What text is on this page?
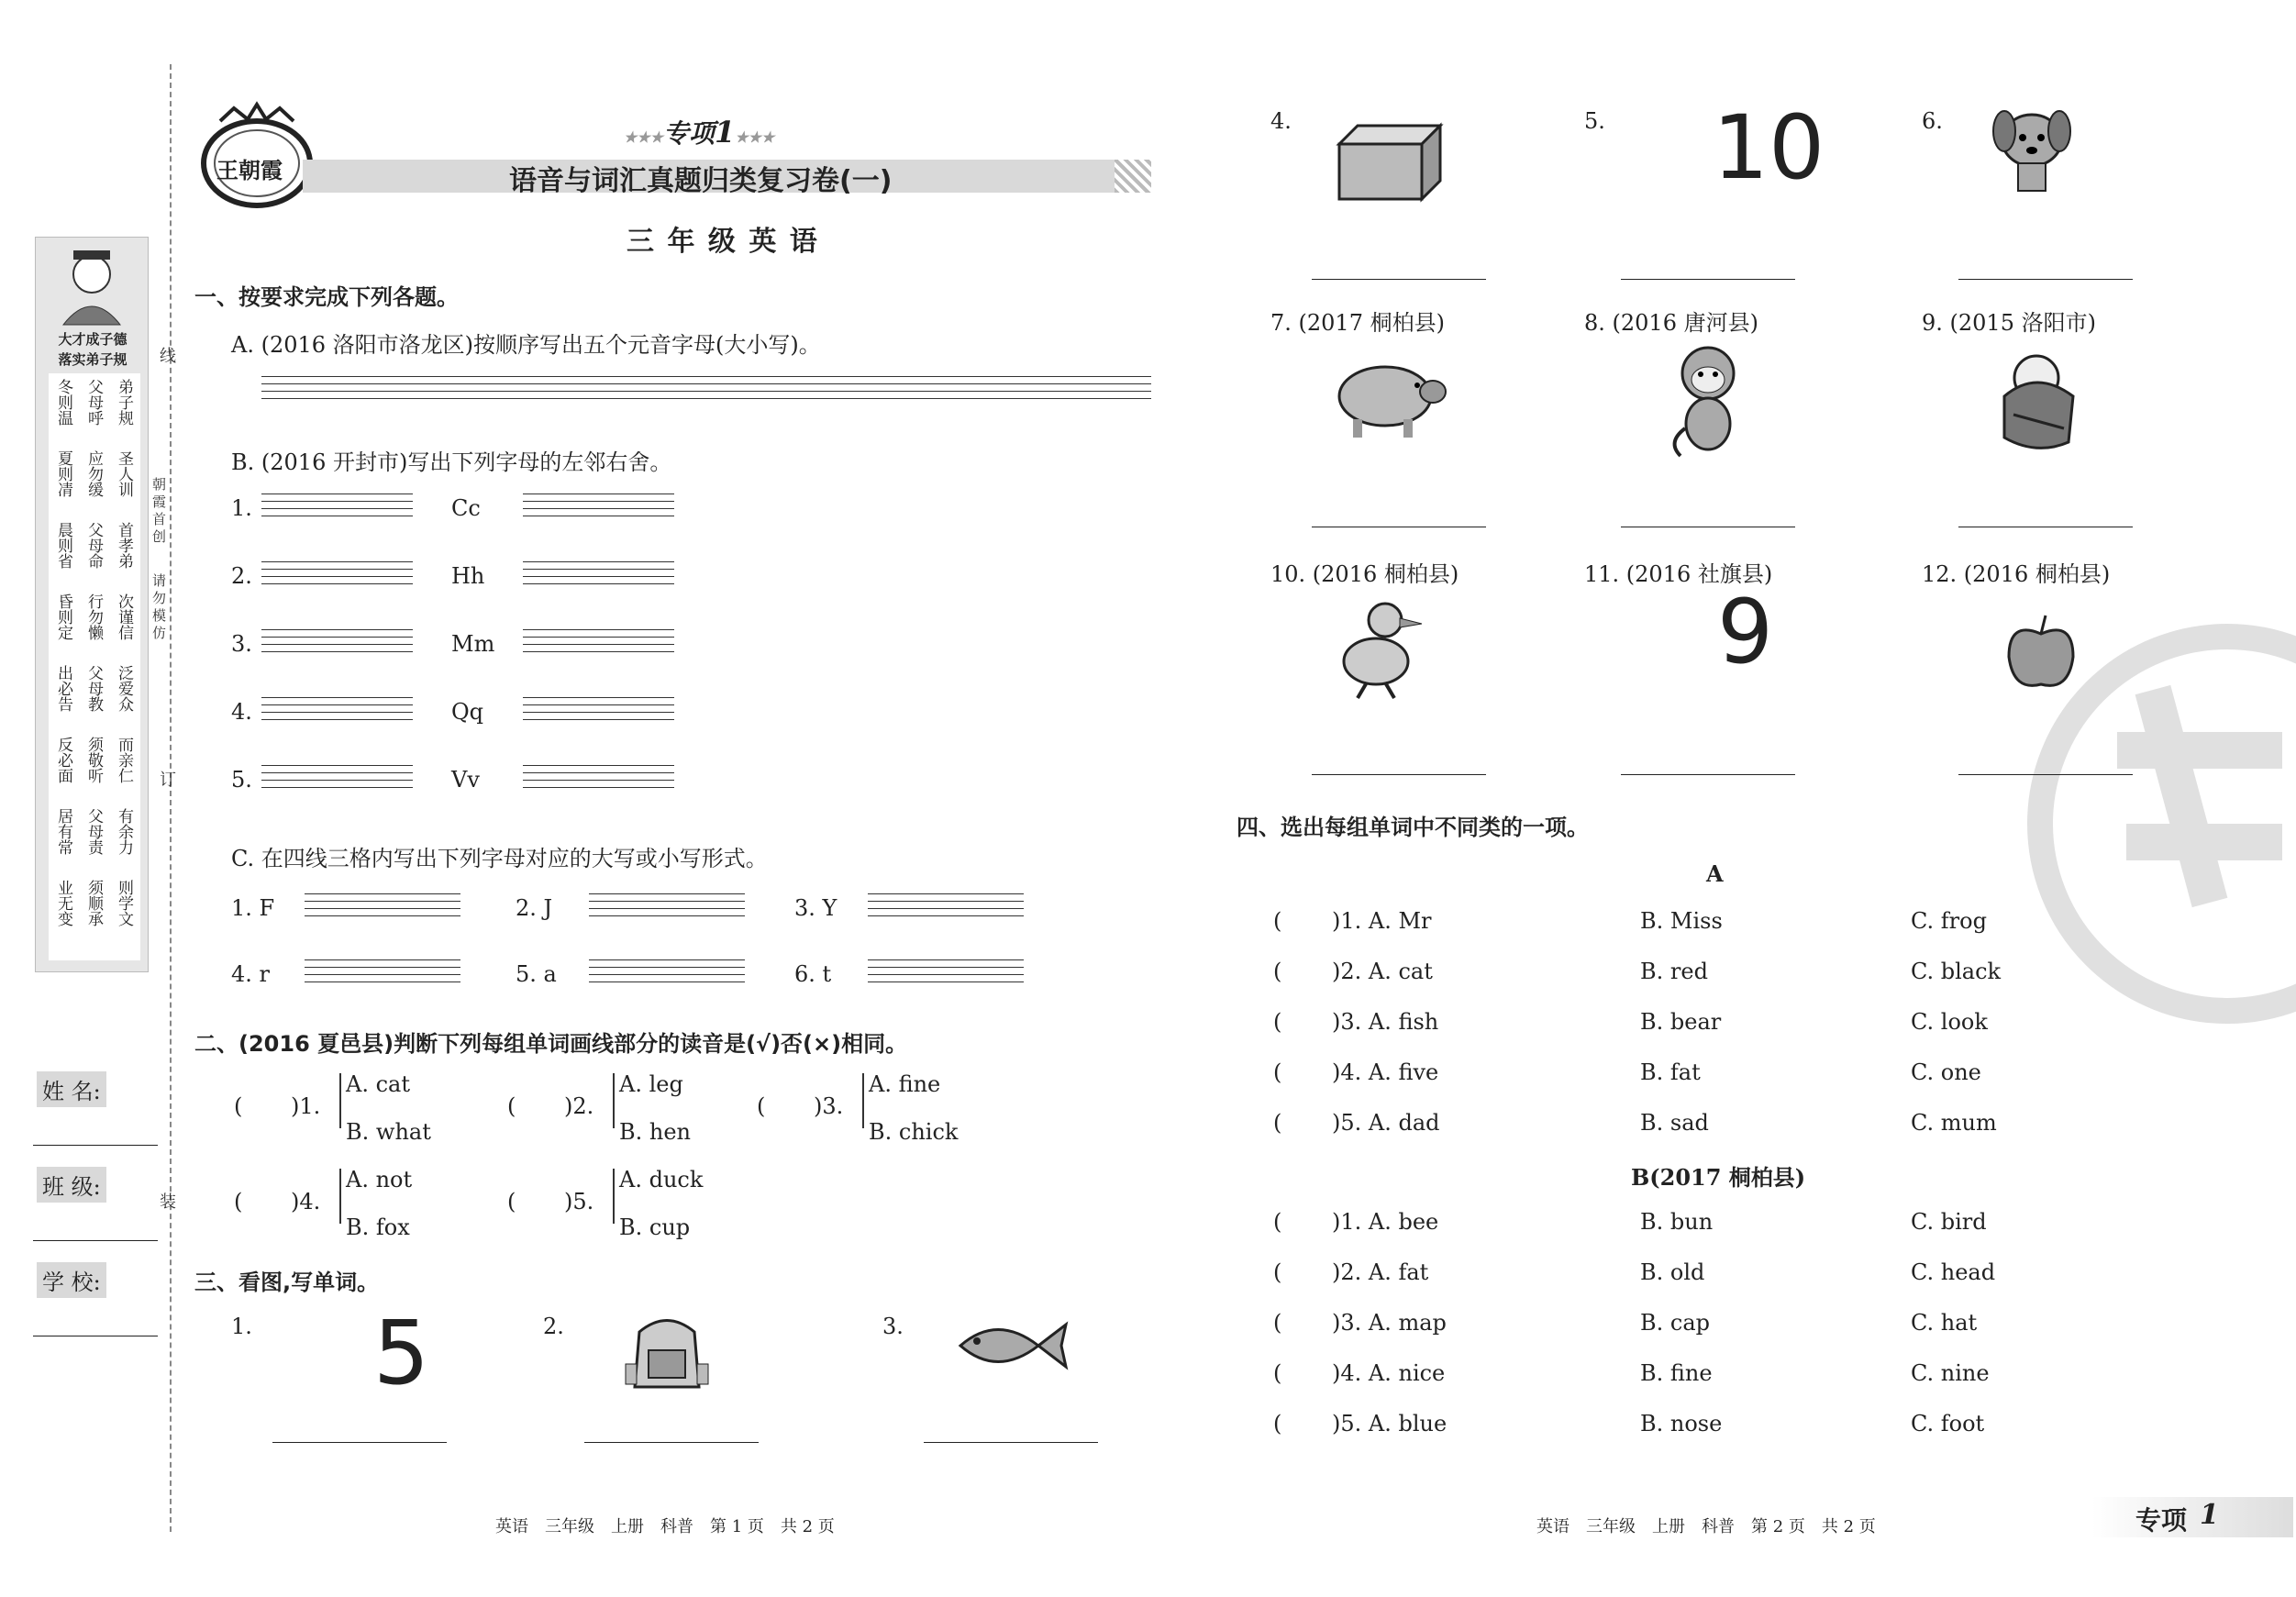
大才成子德
落实弟子规
冬则温
夏则凊
晨则省
昏则定
出必告
反必面
居有常
业无变
父母呼
应勿缓
父母命
行勿懒
父母教
须敬听
父母责
须顺承
弟子规
圣人训
首孝弟
次谨信
泛爱众
而亲仁
有余力
则学文
线
订
装
朝霞首创
请勿模仿
姓 名:
班 级:
学 校:
王朝霞
★★★专项1★★★
语音与词汇真题归类复习卷(一)
三 年 级 英 语
一、按要求完成下列各题。
A. (2016 洛阳市洛龙区)按顺序写出五个元音字母(大小写)。
B. (2016 开封市)写出下列字母的左邻右舍。
C. 在四线三格内写出下列字母对应的大写或小写形式。
二、(2016 夏邑县)判断下列每组单词画线部分的读音是(√)否(×)相同。
三、看图,写单词。
四、选出每组单词中不同类的一项。
A
B(2017 桐柏县)
英语　三年级　上册　科普　第 1 页　共 2 页	英语　三年级　上册　科普　第 2 页　共 2 页	专项 1
1.	Cc
2.	Hh
3.	Mm
4.	Qq
5.	Vv
1. F	2. J	3. Y
4. r	5. a	6. t
( )1.
A. cat
B. what
( )2.
A. leg
B. hen
( )3.
A. fine
B. chick
( )4.
A. not
B. fox
( )5.
A. duck
B. cup
1. 5	2.	3.
4.	5. 10	6.
7. (2017 桐柏县)	8. (2016 唐河县)	9. (2015 洛阳市)
10. (2016 桐柏县)	11. (2016 社旗县)
9
12. (2016 桐柏县)
( )1. A. Mr	B. Miss	C. frog
( )2. A. cat	B. red	C. black
( )3. A. fish	B. bear	C. look
( )4. A. five	B. fat	C. one
( )5. A. dad	B. sad	C. mum
( )1. A. bee	B. bun	C. bird
( )2. A. fat	B. old	C. head
( )3. A. map	B. cap	C. hat
( )4. A. nice	B. fine	C. nine
( )5. A. blue	B. nose	C. foot
